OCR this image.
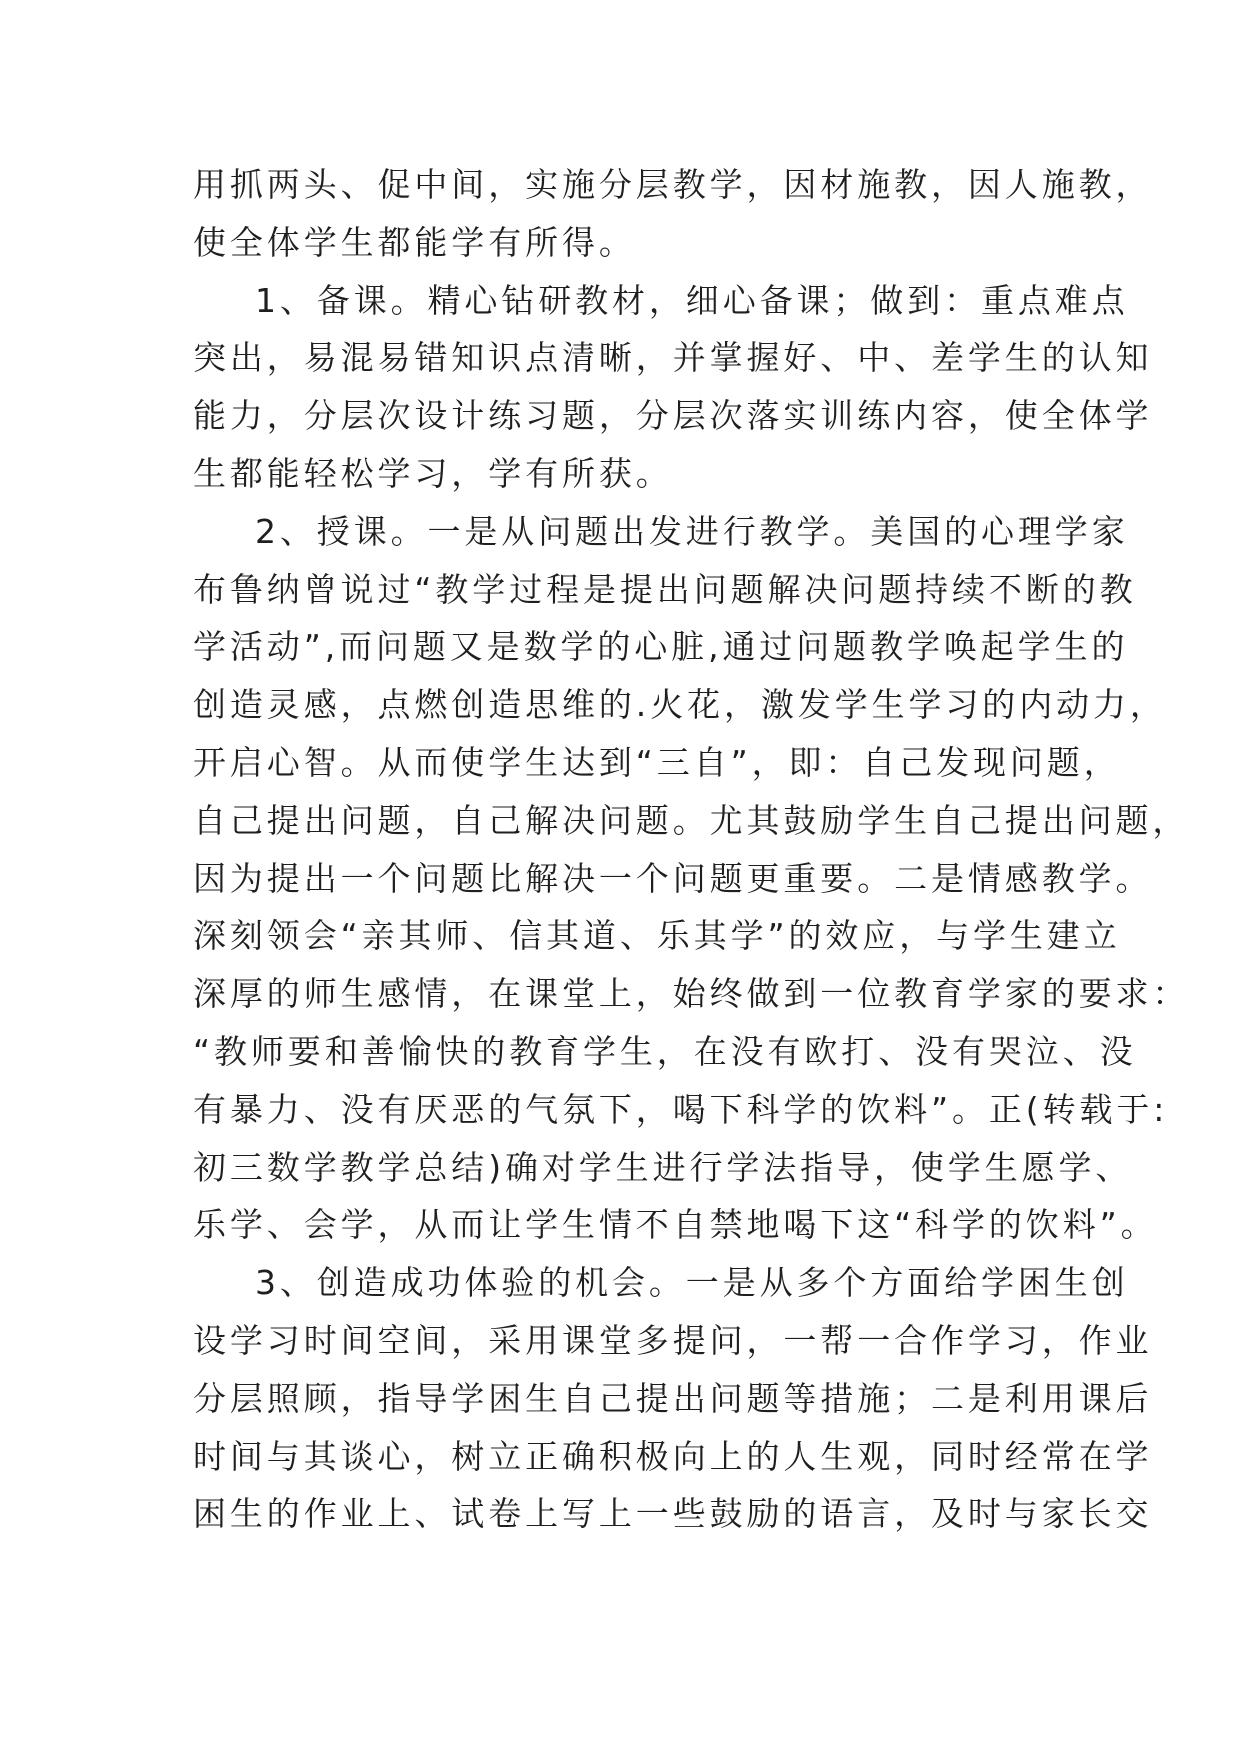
用抓两头、促中间，实施分层教学，因材施教，因人施教，
使全体学生都能学有所得。
1、备课。精心钻研教材，细心备课；做到：重点难点
突出，易混易错知识点清晰，并掌握好、中、差学生的认知
能力，分层次设计练习题，分层次落实训练内容，使全体学
生都能轻松学习，学有所获。
2、授课。一是从问题出发进行教学。美国的心理学家
布鲁纳曾说过“教学过程是提出问题解决问题持续不断的教
学活动”,而问题又是数学的心脏,通过问题教学唤起学生的
创造灵感，点燃创造思维的.火花，激发学生学习的内动力，
开启心智。从而使学生达到“三自”，即：自己发现问题，
自己提出问题，自己解决问题。尤其鼓励学生自己提出问题，
因为提出一个问题比解决一个问题更重要。二是情感教学。
深刻领会“亲其师、信其道、乐其学”的效应，与学生建立
深厚的师生感情，在课堂上，始终做到一位教育学家的要求：
“教师要和善愉快的教育学生，在没有欧打、没有哭泣、没
有暴力、没有厌恶的气氛下，喝下科学的饮料”。正(转载于:
初三数学教学总结)确对学生进行学法指导，使学生愿学、
乐学、会学，从而让学生情不自禁地喝下这“科学的饮料”。
3、创造成功体验的机会。一是从多个方面给学困生创
设学习时间空间，采用课堂多提问，一帮一合作学习，作业
分层照顾，指导学困生自己提出问题等措施；二是利用课后
时间与其谈心，树立正确积极向上的人生观，同时经常在学
困生的作业上、试卷上写上一些鼓励的语言，及时与家长交
